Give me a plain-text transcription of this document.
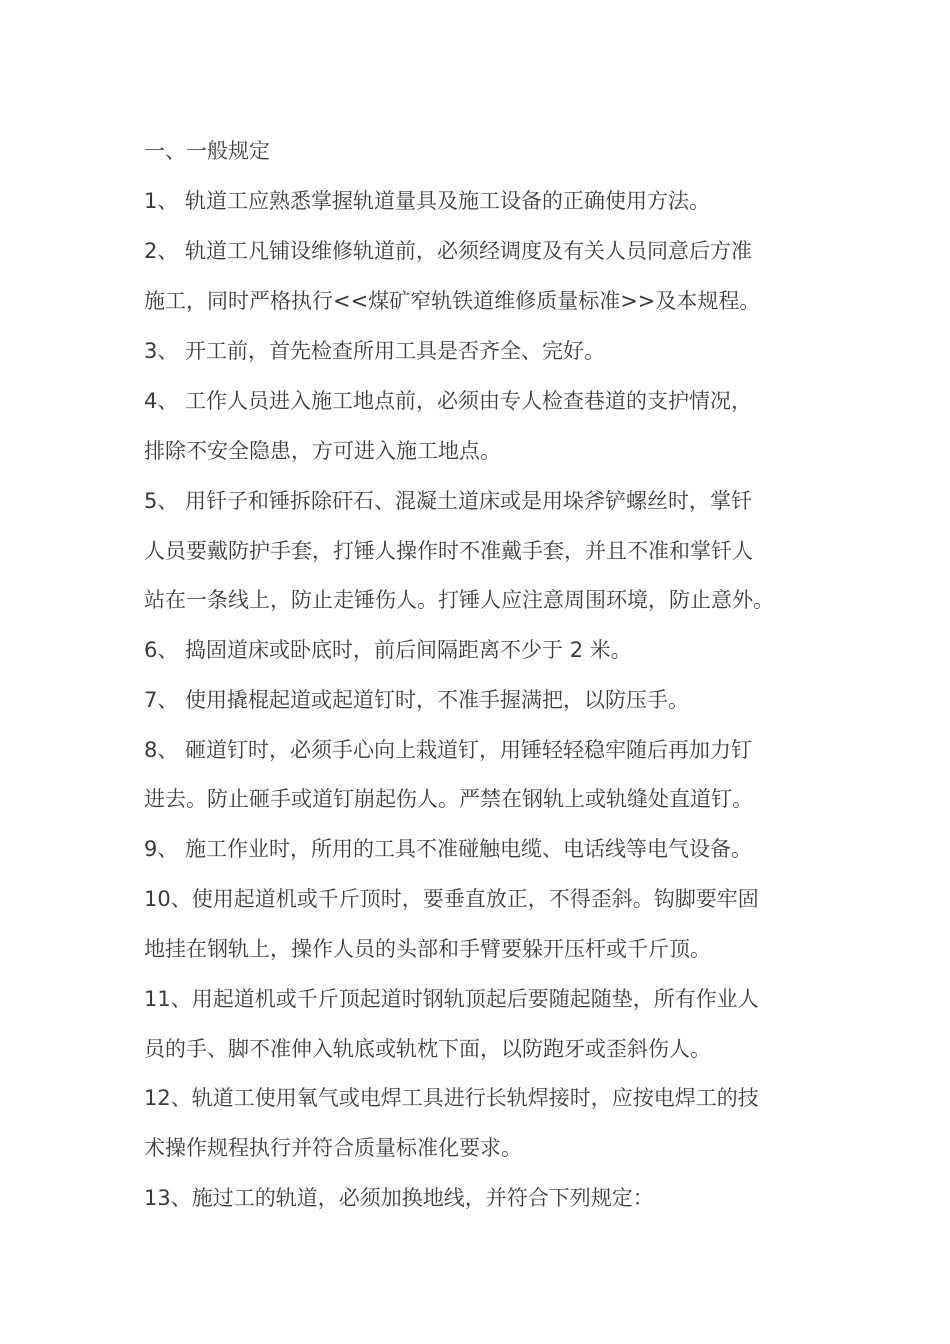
一、一般规定
1、 轨道工应熟悉掌握轨道量具及施工设备的正确使用方法。
2、 轨道工凡铺设维修轨道前，必须经调度及有关人员同意后方准
施工，同时严格执行<<煤矿窄轨铁道维修质量标准>>及本规程。
3、 开工前，首先检查所用工具是否齐全、完好。
4、 工作人员进入施工地点前，必须由专人检查巷道的支护情况，
排除不安全隐患，方可进入施工地点。
5、 用钎子和锤拆除矸石、混凝土道床或是用垛斧铲螺丝时，掌钎
人员要戴防护手套，打锤人操作时不准戴手套，并且不准和掌钎人
站在一条线上，防止走锤伤人。打锤人应注意周围环境，防止意外。
6、 捣固道床或卧底时，前后间隔距离不少于 2 米。
7、 使用撬棍起道或起道钉时，不准手握满把，以防压手。
8、 砸道钉时，必须手心向上栽道钉，用锤轻轻稳牢随后再加力钉
进去。防止砸手或道钉崩起伤人。严禁在钢轨上或轨缝处直道钉。
9、 施工作业时，所用的工具不准碰触电缆、电话线等电气设备。
10、使用起道机或千斤顶时，要垂直放正，不得歪斜。钩脚要牢固
地挂在钢轨上，操作人员的头部和手臂要躲开压杆或千斤顶。
11、用起道机或千斤顶起道时钢轨顶起后要随起随垫，所有作业人
员的手、脚不准伸入轨底或轨枕下面，以防跑牙或歪斜伤人。
12、轨道工使用氧气或电焊工具进行长轨焊接时，应按电焊工的技
术操作规程执行并符合质量标准化要求。
13、施过工的轨道，必须加换地线，并符合下列规定：
